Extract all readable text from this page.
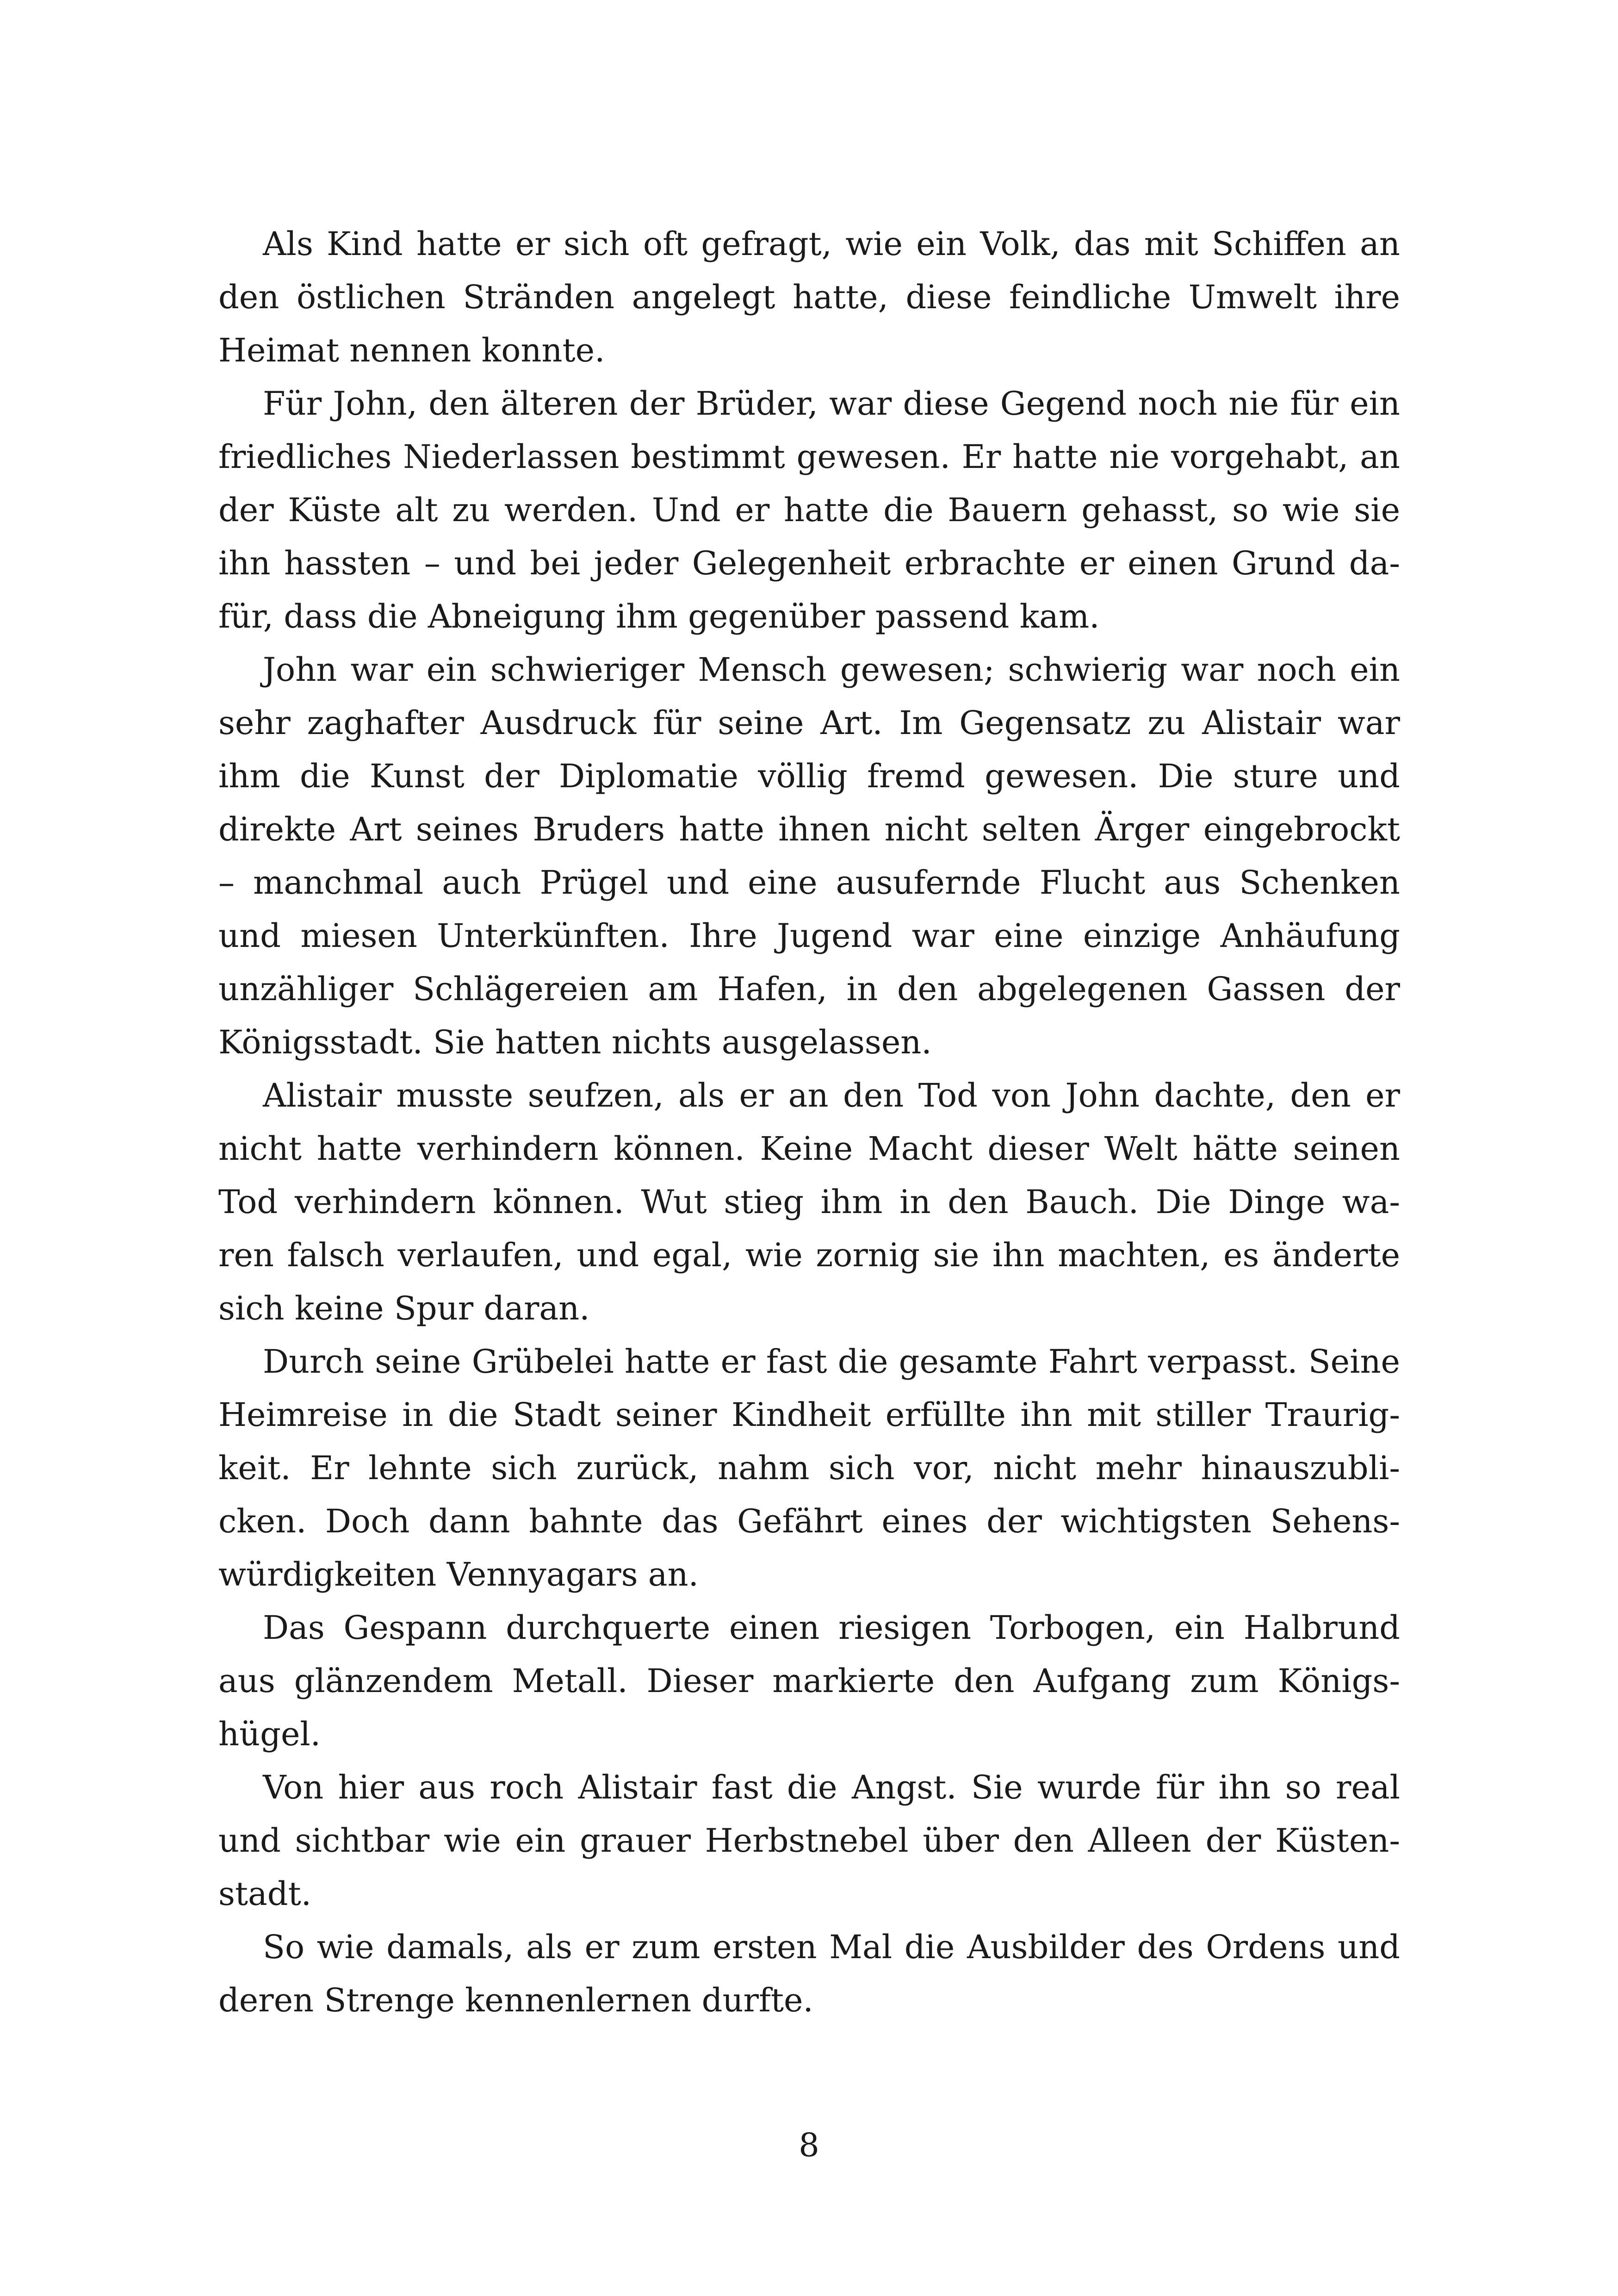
Als Kind hatte er sich oft gefragt, wie ein Volk, das mit Schiffen an
den östlichen Stränden angelegt hatte, diese feindliche Umwelt ihre
Heimat nennen konnte.
Für John, den älteren der Brüder, war diese Gegend noch nie für ein
friedliches Niederlassen bestimmt gewesen. Er hatte nie vorgehabt, an
der Küste alt zu werden. Und er hatte die Bauern gehasst, so wie sie
ihn hassten – und bei jeder Gelegenheit erbrachte er einen Grund da-
für, dass die Abneigung ihm gegenüber passend kam.
John war ein schwieriger Mensch gewesen; schwierig war noch ein
sehr zaghafter Ausdruck für seine Art. Im Gegensatz zu Alistair war
ihm die Kunst der Diplomatie völlig fremd gewesen. Die sture und
direkte Art seines Bruders hatte ihnen nicht selten Ärger eingebrockt
– manchmal auch Prügel und eine ausufernde Flucht aus Schenken
und miesen Unterkünften. Ihre Jugend war eine einzige Anhäufung
unzähliger Schlägereien am Hafen, in den abgelegenen Gassen der
Königsstadt. Sie hatten nichts ausgelassen.
Alistair musste seufzen, als er an den Tod von John dachte, den er
nicht hatte verhindern können. Keine Macht dieser Welt hätte seinen
Tod verhindern können. Wut stieg ihm in den Bauch. Die Dinge wa-
ren falsch verlaufen, und egal, wie zornig sie ihn machten, es änderte
sich keine Spur daran.
Durch seine Grübelei hatte er fast die gesamte Fahrt verpasst. Seine
Heimreise in die Stadt seiner Kindheit erfüllte ihn mit stiller Traurig-
keit. Er lehnte sich zurück, nahm sich vor, nicht mehr hinauszubli-
cken. Doch dann bahnte das Gefährt eines der wichtigsten Sehens-
würdigkeiten Vennyagars an.
Das Gespann durchquerte einen riesigen Torbogen, ein Halbrund
aus glänzendem Metall. Dieser markierte den Aufgang zum Königs-
hügel.
Von hier aus roch Alistair fast die Angst. Sie wurde für ihn so real
und sichtbar wie ein grauer Herbstnebel über den Alleen der Küsten-
stadt.
So wie damals, als er zum ersten Mal die Ausbilder des Ordens und
deren Strenge kennenlernen durfte.
8
